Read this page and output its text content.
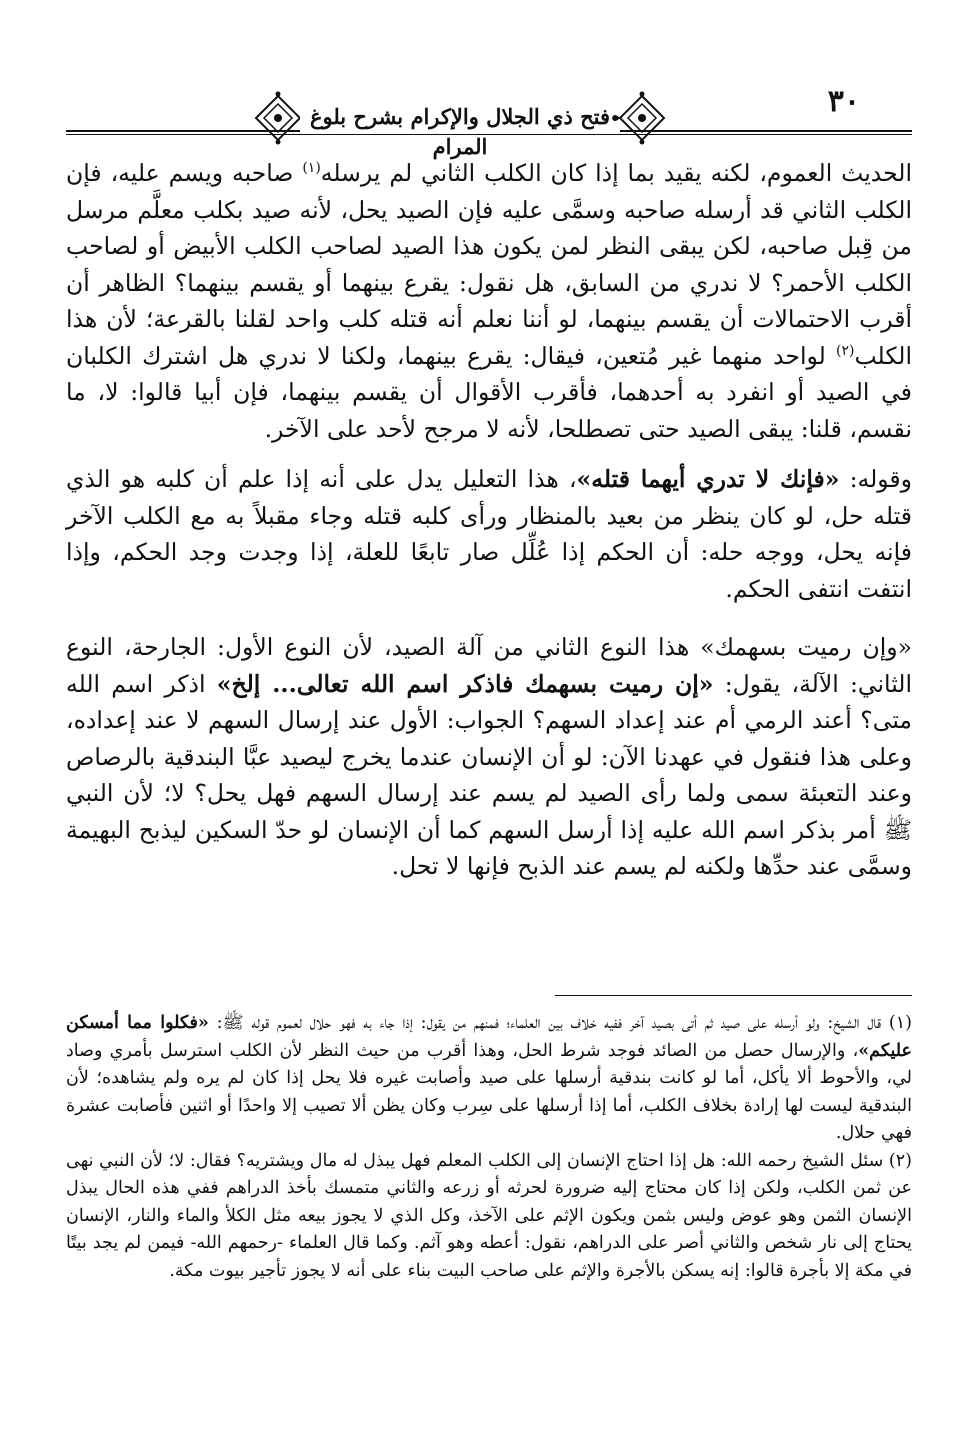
٣٠
فتح ذي الجلال والإكرام بشرح بلوغ المرام

الحديث العموم، لكنه يقيد بما إذا كان الكلب الثاني لم يرسله$^{(١)}$ صاحبه ويسم عليه، فإن الكلب الثاني قد أرسله صاحبه وسمَّى عليه فإن الصيد يحل، لأنه صيد بكلب معلَّم مرسل من قِبل صاحبه، لكن يبقى النظر لمن يكون هذا الصيد لصاحب الكلب الأبيض أو لصاحب الكلب الأحمر؟ لا ندري من السابق، هل نقول: يقرع بينهما أو يقسم بينهما؟ الظاهر أن أقرب الاحتمالات أن يقسم بينهما، لو أننا نعلم أنه قتله كلب واحد لقلنا بالقرعة؛ لأن هذا الكلب$^{(٢)}$ لواحد منهما غير مُتعين، فيقال: يقرع بينهما، ولكنا لا ندري هل اشترك الكلبان في الصيد أو انفرد به أحدهما، فأقرب الأقوال أن يقسم بينهما، فإن أبيا قالوا: لا، ما نقسم، قلنا: يبقى الصيد حتى تصطلحا، لأنه لا مرجح لأحد على الآخر.

وقوله: «فإنك لا تدري أيهما قتله»، هذا التعليل يدل على أنه إذا علم أن كلبه هو الذي قتله حل، لو كان ينظر من بعيد بالمنظار ورأى كلبه قتله وجاء مقبلاً به مع الكلب الآخر فإنه يحل، ووجه حله: أن الحكم إذا عُلِّل صار تابعًا للعلة، إذا وجدت وجد الحكم، وإذا انتفت انتفى الحكم.

«وإن رميت بسهمك» هذا النوع الثاني من آلة الصيد، لأن النوع الأول: الجارحة، النوع الثاني: الآلة، يقول: «إن رميت بسهمك فاذكر اسم الله تعالى... إلخ» اذكر اسم الله متى؟ أعند الرمي أم عند إعداد السهم؟ الجواب: الأول عند إرسال السهم لا عند إعداده، وعلى هذا فنقول في عهدنا الآن: لو أن الإنسان عندما يخرج ليصيد عبَّا البندقية بالرصاص وعند التعبئة سمى ولما رأى الصيد لم يسم عند إرسال السهم فهل يحل؟ لا؛ لأن النبي ﷺ أمر بذكر اسم الله عليه إذا أرسل السهم كما أن الإنسان لو حدّ السكين ليذبح البهيمة وسمَّى عند حدِّها ولكنه لم يسم عند الذبح فإنها لا تحل.

(١) قال الشيخ: ولو أرسله على صيد ثم أتى بصيد آخر ففيه خلاف بين العلماء؛ فمنهم من يقول: إذا جاء به فهو حلال لعموم قوله ﷺ: «فكلوا مما أمسكن عليكم»، والإرسال حصل من الصائد فوجد شرط الحل، وهذا أقرب من حيث النظر لأن الكلب استرسل بأمري وصاد لي، والأحوط ألا يأكل، أما لو كانت بندقية أرسلها على صيد وأصابت غيره فلا يحل إذا كان لم يره ولم يشاهده؛ لأن البندقية ليست لها إرادة بخلاف الكلب، أما إذا أرسلها على سِرب وكان يظن ألا تصيب إلا واحدًا أو اثنين فأصابت عشرة فهي حلال.

(٢) سئل الشيخ رحمه الله: هل إذا احتاج الإنسان إلى الكلب المعلم فهل يبذل له مال ويشتريه؟ فقال: لا؛ لأن النبي نهى عن ثمن الكلب، ولكن إذا كان محتاج إليه ضرورة لحرثه أو زرعه والثاني متمسك بأخذ الدراهم ففي هذه الحال يبذل الإنسان الثمن وهو عوض وليس بثمن ويكون الإثم على الآخذ، وكل الذي لا يجوز بيعه مثل الكلأ والماء والنار، الإنسان يحتاج إلى نار شخص والثاني أصر على الدراهم، نقول: أعطه وهو آثم. وكما قال العلماء -رحمهم الله- فيمن لم يجد بيتًا في مكة إلا بأجرة قالوا: إنه يسكن بالأجرة والإثم على صاحب البيت بناء على أنه لا يجوز تأجير بيوت مكة.
